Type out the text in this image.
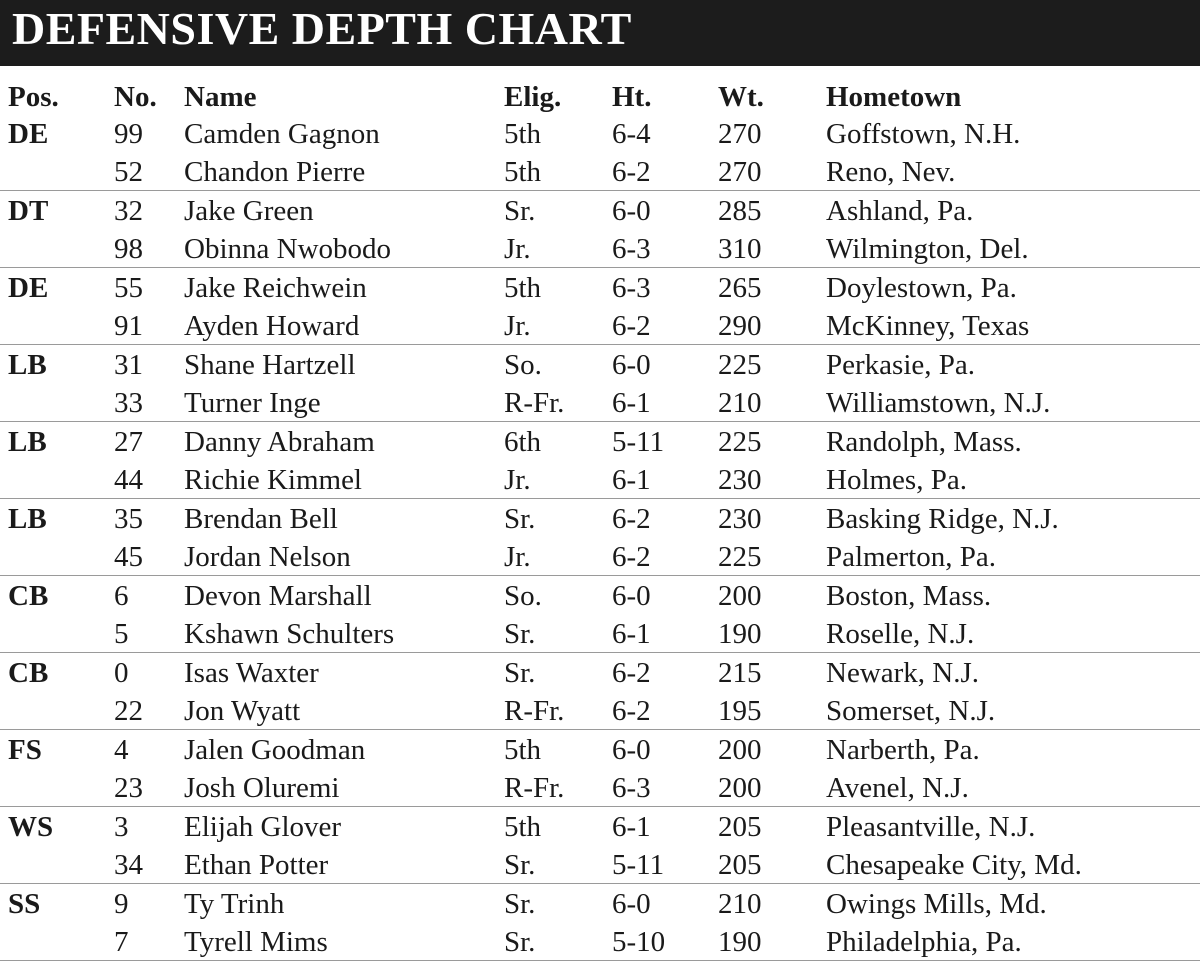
DEFENSIVE DEPTH CHART
Pos.	No.	Name	Elig.	Ht.	Wt.	Hometown
DE	99	Camden Gagnon	5th	6-4	270	Goffstown, N.H.
	52	Chandon Pierre	5th	6-2	270	Reno, Nev.
DT	32	Jake Green	Sr.	6-0	285	Ashland, Pa.
	98	Obinna Nwobodo	Jr.	6-3	310	Wilmington, Del.
DE	55	Jake Reichwein	5th	6-3	265	Doylestown, Pa.
	91	Ayden Howard	Jr.	6-2	290	McKinney, Texas
LB	31	Shane Hartzell	So.	6-0	225	Perkasie, Pa.
	33	Turner Inge	R-Fr.	6-1	210	Williamstown, N.J.
LB	27	Danny Abraham	6th	5-11	225	Randolph, Mass.
	44	Richie Kimmel	Jr.	6-1	230	Holmes, Pa.
LB	35	Brendan Bell	Sr.	6-2	230	Basking Ridge, N.J.
	45	Jordan Nelson	Jr.	6-2	225	Palmerton, Pa.
CB	6	Devon Marshall	So.	6-0	200	Boston, Mass.
	5	Kshawn Schulters	Sr.	6-1	190	Roselle, N.J.
CB	0	Isas Waxter	Sr.	6-2	215	Newark, N.J.
	22	Jon Wyatt	R-Fr.	6-2	195	Somerset, N.J.
FS	4	Jalen Goodman	5th	6-0	200	Narberth, Pa.
	23	Josh Oluremi	R-Fr.	6-3	200	Avenel, N.J.
WS	3	Elijah Glover	5th	6-1	205	Pleasantville, N.J.
	34	Ethan Potter	Sr.	5-11	205	Chesapeake City, Md.
SS	9	Ty Trinh	Sr.	6-0	210	Owings Mills, Md.
	7	Tyrell Mims	Sr.	5-10	190	Philadelphia, Pa.
